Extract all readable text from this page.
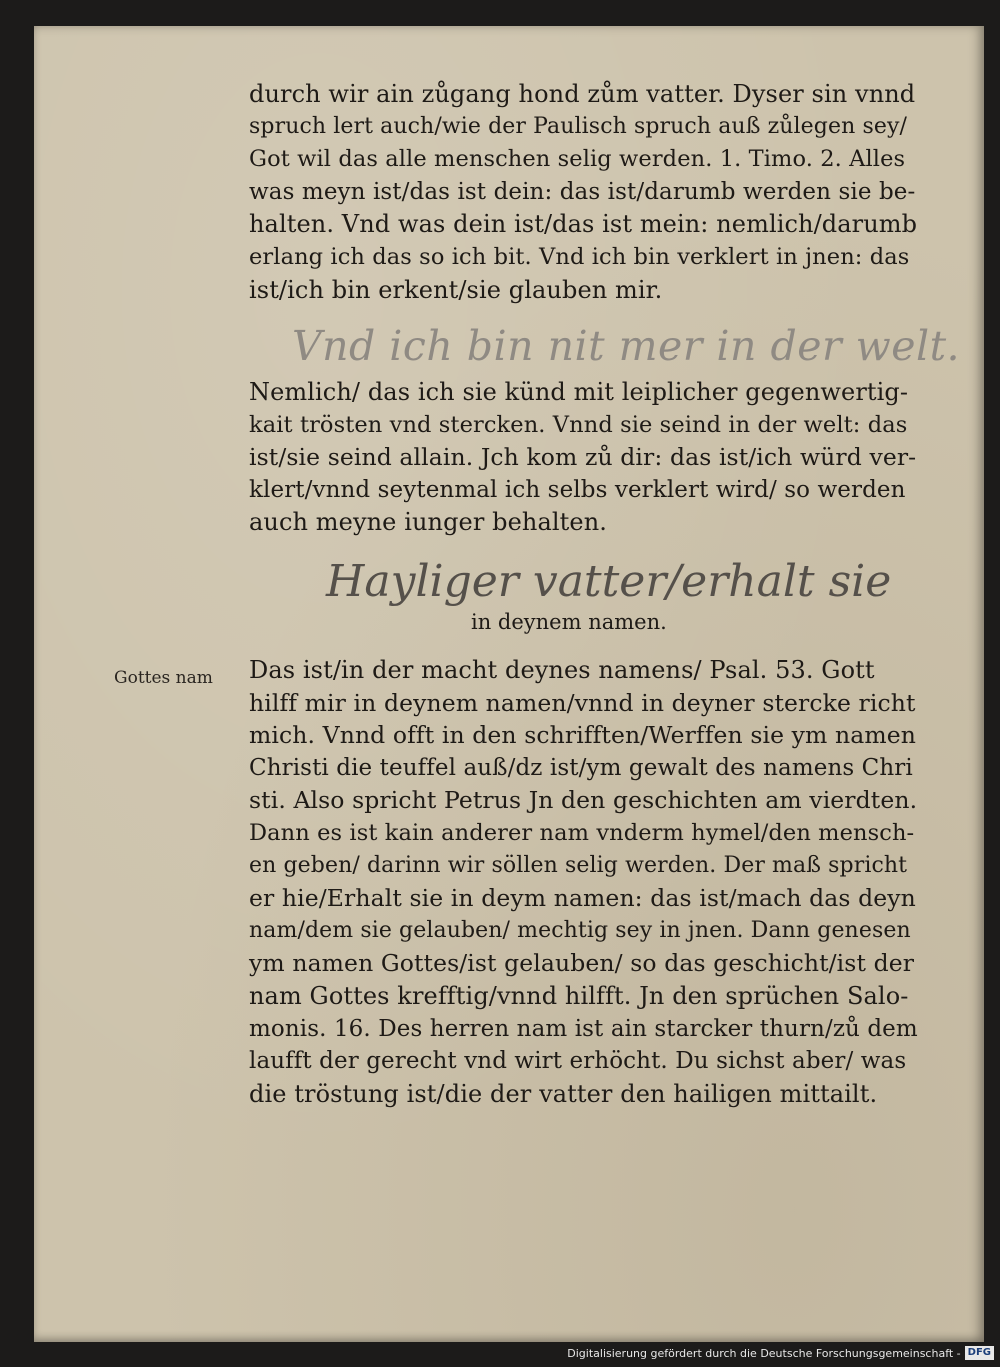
durch wir ain zůgang hond zům vatter. Dyser sin vnnd
spruch lert auch/wie der Paulisch spruch auß zůlegen sey/
Got wil das alle menschen selig werden. 1. Timo. 2. Alles
was meyn ist/das ist dein: das ist/darumb werden sie be-
halten. Vnd was dein ist/das ist mein: nemlich/darumb
erlang ich das so ich bit. Vnd ich bin verklert in jnen: das
ist/ich bin erkent/sie glauben mir.
Vnd ich bin nit mer in der welt.
Nemlich/ das ich sie künd mit leiplicher gegenwertig-
kait trösten vnd stercken. Vnnd sie seind in der welt: das
ist/sie seind allain. Jch kom zů dir: das ist/ich würd ver-
klert/vnnd seytenmal ich selbs verklert wird/ so werden
auch meyne iunger behalten.
Hayliger vatter/erhalt sie
in deynem namen.
Gottes nam Das ist/in der macht deynes namens/ Psal. 53. Gott
hilff mir in deynem namen/vnnd in deyner stercke richt
mich. Vnnd offt in den schrifften/Werffen sie ym namen
Christi die teuffel auß/dz ist/ym gewalt des namens Chri
sti. Also spricht Petrus Jn den geschichten am vierdten.
Dann es ist kain anderer nam vnderm hymel/den mensch-
en geben/ darinn wir söllen selig werden. Der maß spricht
er hie/Erhalt sie in deym namen: das ist/mach das deyn
nam/dem sie gelauben/ mechtig sey in jnen. Dann genesen
ym namen Gottes/ist gelauben/ so das geschicht/ist der
nam Gottes krefftig/vnnd hilfft. Jn den sprüchen Salo-
monis. 16. Des herren nam ist ain starcker thurn/zů dem
laufft der gerecht vnd wirt erhöcht. Du sichst aber/ was
die tröstung ist/die der vatter den hailigen mittailt.
Digitalisierung gefördert durch die Deutsche Forschungsgemeinschaft - DFG
